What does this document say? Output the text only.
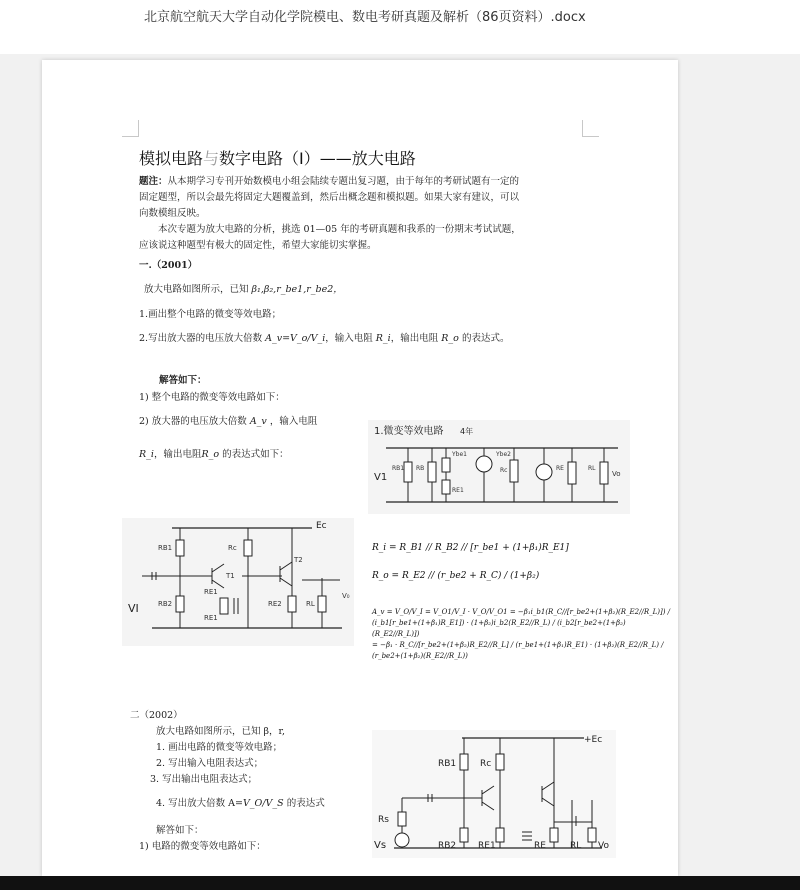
北京航空航天大学自动化学院模电、数电考研真题及解析（86页资料）.docx
模拟电路与数字电路（I）——放大电路
题注：从本期学习专刊开始数模电小组会陆续专题出复习题，由于每年的考研试题有一定的
固定题型，所以会最先将固定大题覆盖到，然后出概念题和模拟题。如果大家有建议，可以
向数模组反映。
本次专题为放大电路的分析，挑选 01—05 年的考研真题和我系的一份期末考试试题，
应该说这种题型有极大的固定性，希望大家能切实掌握。
一.（2001）
放大电路如图所示，已知 β₁,β₂,r_be1,r_be2，
1.画出整个电路的微变等效电路；
2.写出放大器的电压放大倍数 A_v=V_o/V_i，输入电阻 R_i，输出电阻 R_o 的表达式。
解答如下：
1) 整个电路的微变等效电路如下：
2) 放大器的电压放大倍数 A_v ，输入电阻
R_i，输出电阻R_o 的表达式如下：
1.微变等效电路 4年
V1
RB1 RB
Ybe1
RE1
Ybe2
Rc	RE	RL
Vo
Ec
RB1	Rc
T1
T2
RE1
RE1
RB2	RE2	RL
VI
V₀
R_i = R_B1 // R_B2 // [r_be1 + (1+β₁)R_E1]
R_o = R_E2 // (r_be2 + R_C) / (1+β₂)
A_v = V_O/V_I = V_O1/V_I · V_O/V_O1 = −β₁i_b1(R_C//[r_be2+(1+β₂)(R_E2//R_L)]) / (i_b1[r_be1+(1+β₁)R_E1]) · (1+β₂)i_b2(R_E2//R_L) / (i_b2[r_be2+(1+β₂)(R_E2//R_L)])
= −β₁ · R_C//[r_be2+(1+β₂)R_E2//R_L] / (r_be1+(1+β₁)R_E1) · (1+β₂)(R_E2//R_L) / (r_be2+(1+β₂)(R_E2//R_L))
二（2002）
放大电路如图所示，已知 β，r,
1. 画出电路的微变等效电路；
2. 写出输入电阻表达式；
3. 写出输出电阻表达式；
4. 写出放大倍数 A=V_O/V_S 的表达式
解答如下：
1) 电路的微变等效电路如下：
+Ec
RB1	Rc
Rs
Vs	RB2 RE1	RE	RL Vo
